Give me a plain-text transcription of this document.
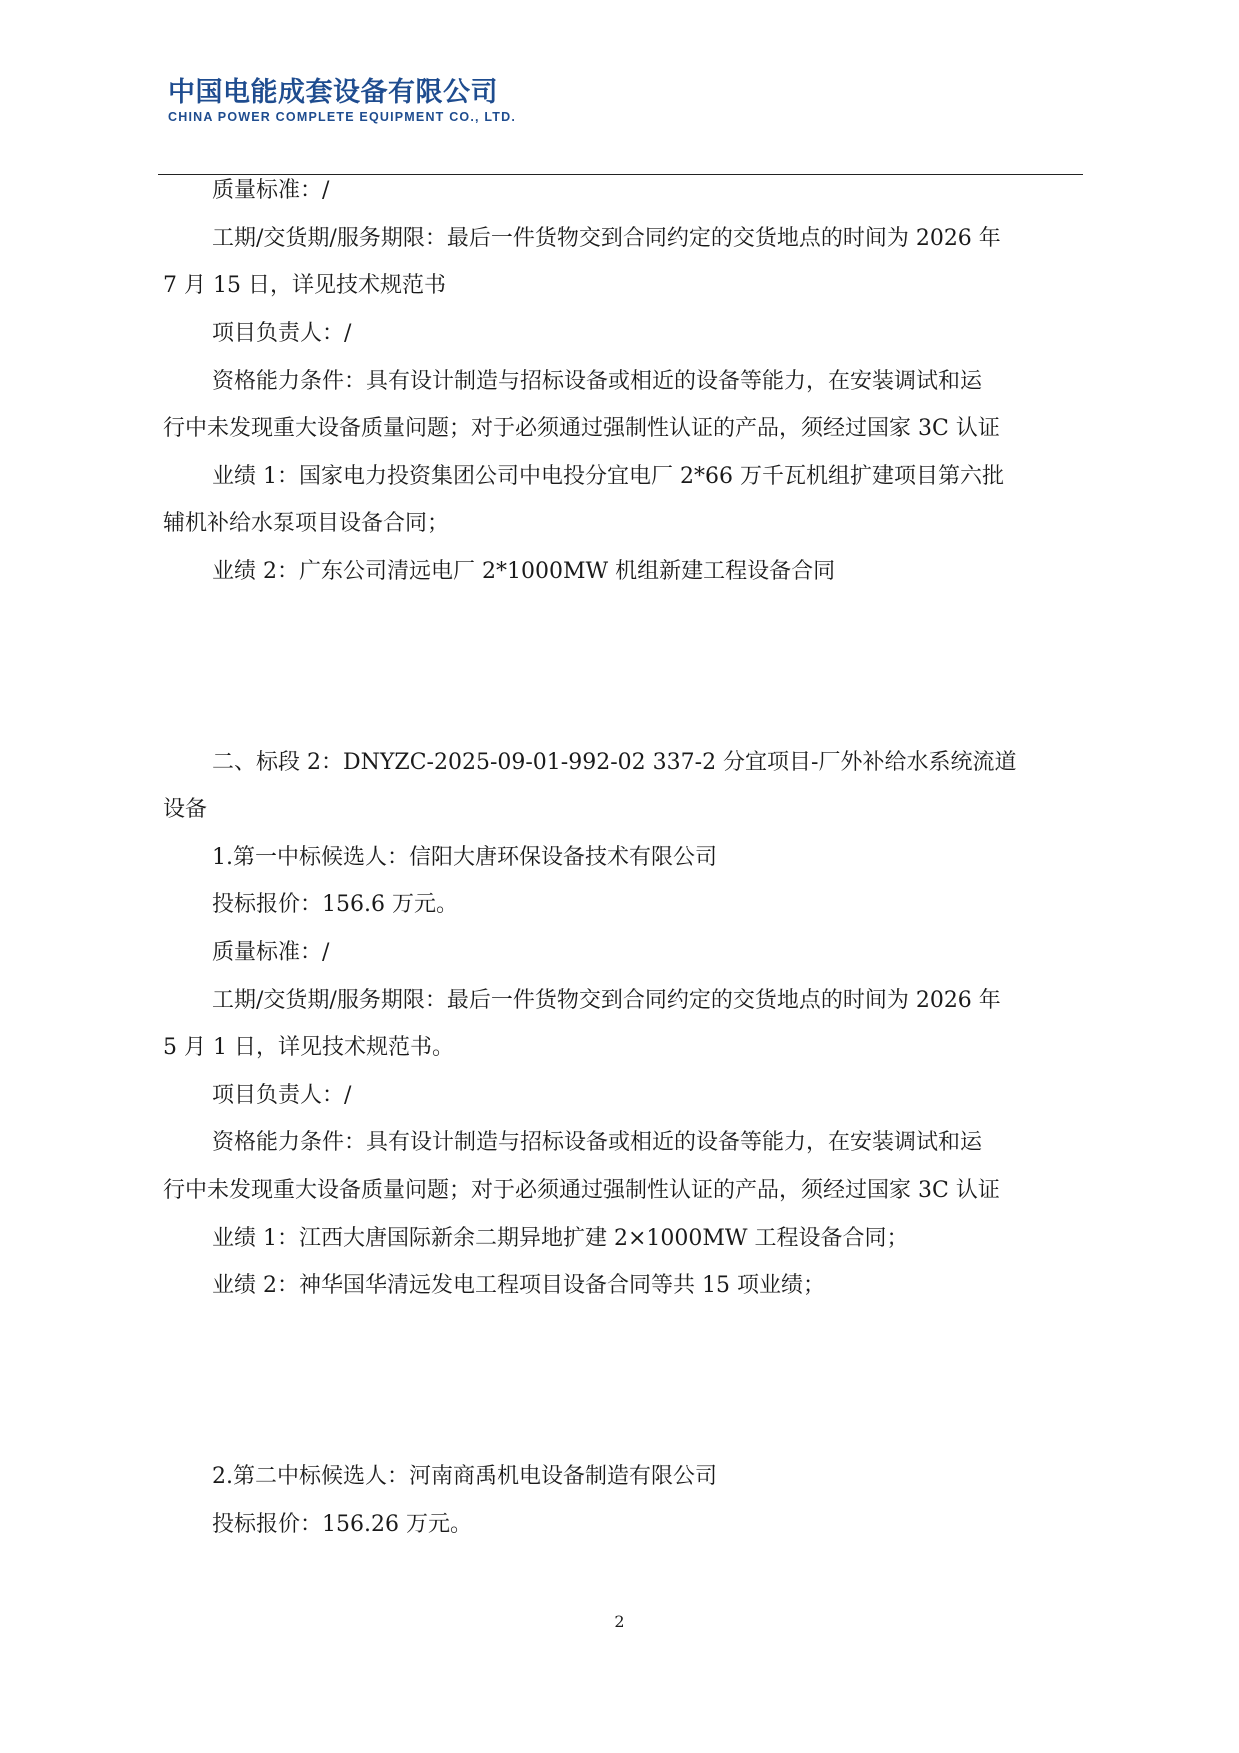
中国电能成套设备有限公司
CHINA POWER COMPLETE EQUIPMENT CO., LTD.
质量标准：/
工期/交货期/服务期限：最后一件货物交到合同约定的交货地点的时间为 2026 年
7 月 15 日，详见技术规范书
项目负责人：/
资格能力条件：具有设计制造与招标设备或相近的设备等能力，在安装调试和运
行中未发现重大设备质量问题；对于必须通过强制性认证的产品，须经过国家 3C 认证
业绩 1：国家电力投资集团公司中电投分宜电厂 2*66 万千瓦机组扩建项目第六批
辅机补给水泵项目设备合同；
业绩 2：广东公司清远电厂 2*1000MW 机组新建工程设备合同
二、标段 2：DNYZC-2025-09-01-992-02 337-2 分宜项目-厂外补给水系统流道
设备
1.第一中标候选人：信阳大唐环保设备技术有限公司
投标报价：156.6 万元。
质量标准：/
工期/交货期/服务期限：最后一件货物交到合同约定的交货地点的时间为 2026 年
5 月 1 日，详见技术规范书。
项目负责人：/
资格能力条件：具有设计制造与招标设备或相近的设备等能力，在安装调试和运
行中未发现重大设备质量问题；对于必须通过强制性认证的产品，须经过国家 3C 认证
业绩 1：江西大唐国际新余二期异地扩建 2×1000MW 工程设备合同；
业绩 2：神华国华清远发电工程项目设备合同等共 15 项业绩；
2.第二中标候选人：河南商禹机电设备制造有限公司
投标报价：156.26 万元。
2
